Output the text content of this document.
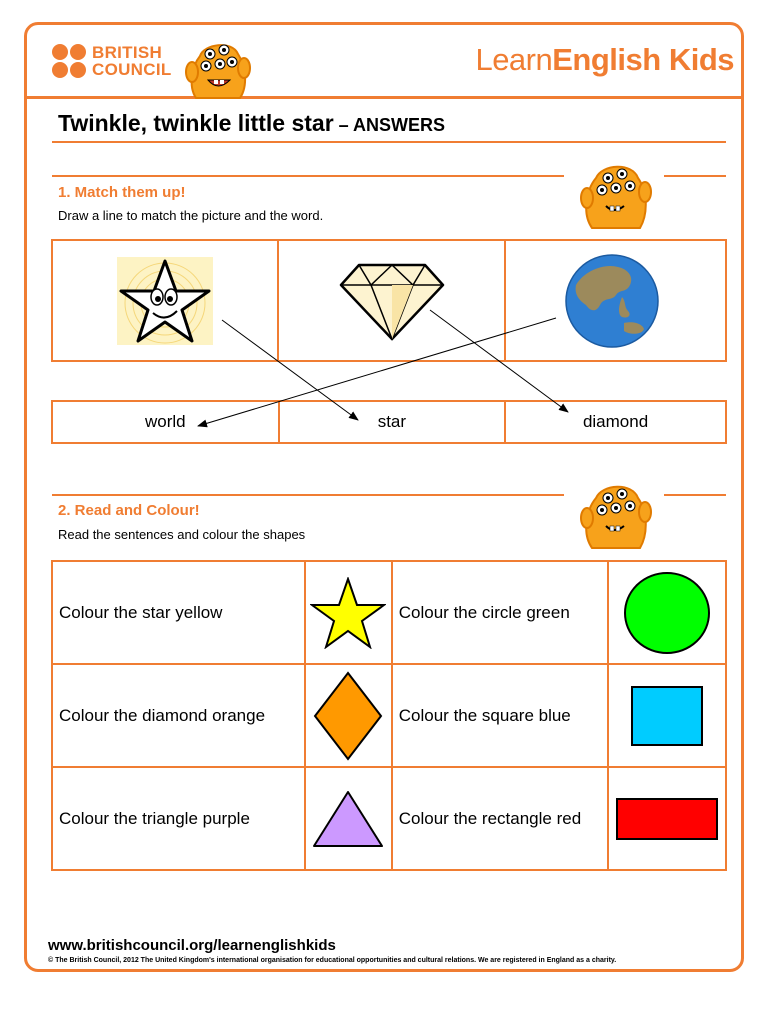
BRITISH
COUNCIL	LearnEnglish Kids
Twinkle, twinkle little star – ANSWERS
1. Match them up!
Draw a line to match the picture and the word.

world	star	diamond
2. Read and Colour!
Read the sentences and colour the shapes
Colour the star yellow		Colour the circle green	

Colour the diamond orange		Colour the square blue	

Colour the triangle purple		Colour the rectangle red	
www.britishcouncil.org/learnenglishkids
© The British Council, 2012 The United Kingdom's international organisation for educational opportunities and cultural relations. We are registered in England as a charity.
